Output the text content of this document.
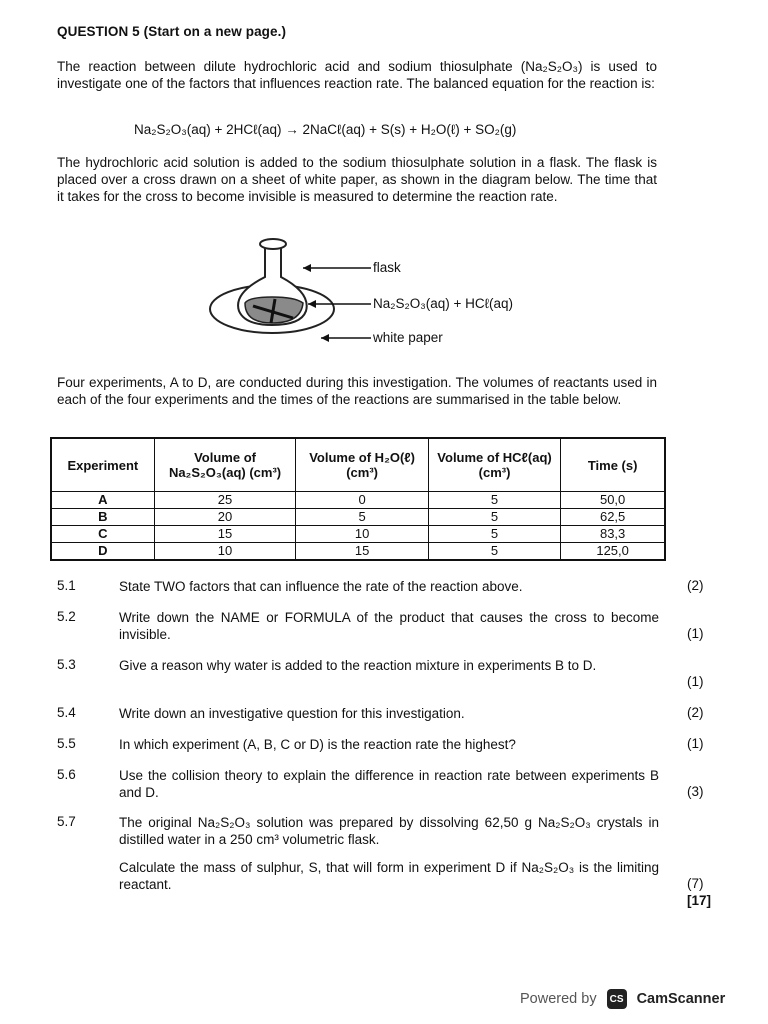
QUESTION 5 (Start on a new page.)
The reaction between dilute hydrochloric acid and sodium thiosulphate (Na₂S₂O₃) is used to investigate one of the factors that influences reaction rate. The balanced equation for the reaction is:
Na₂S₂O₃(aq) + 2HCℓ(aq) → 2NaCℓ(aq) + S(s) + H₂O(ℓ) + SO₂(g)
The hydrochloric acid solution is added to the sodium thiosulphate solution in a flask. The flask is placed over a cross drawn on a sheet of white paper, as shown in the diagram below. The time that it takes for the cross to become invisible is measured to determine the reaction rate.
flask
Na₂S₂O₃(aq) + HCℓ(aq)
white paper
Four experiments, A to D, are conducted during this investigation. The volumes of reactants used in each of the four experiments and the times of the reactions are summarised in the table below.
Experiment	Volume of Na₂S₂O₃(aq) (cm³)	Volume of H₂O(ℓ) (cm³)	Volume of HCℓ(aq) (cm³)	Time (s)
A	25	0	5	50,0
B	20	5	5	62,5
C	15	10	5	83,3
D	10	15	5	125,0
5.1	State TWO factors that can influence the rate of the reaction above.	(2)
5.2	Write down the NAME or FORMULA of the product that causes the cross to become invisible.	(1)
5.3	Give a reason why water is added to the reaction mixture in experiments B to D.
(1)
5.4	Write down an investigative question for this investigation.	(2)
5.5	In which experiment (A, B, C or D) is the reaction rate the highest?	(1)
5.6	Use the collision theory to explain the difference in reaction rate between experiments B and D.	(3)
5.7	The original Na₂S₂O₃ solution was prepared by dissolving 62,50 g Na₂S₂O₃ crystals in distilled water in a 250 cm³ volumetric flask.
Calculate the mass of sulphur, S, that will form in experiment D if Na₂S₂O₃ is the limiting reactant.	(7)
[17]
Powered by	CS CamScanner
